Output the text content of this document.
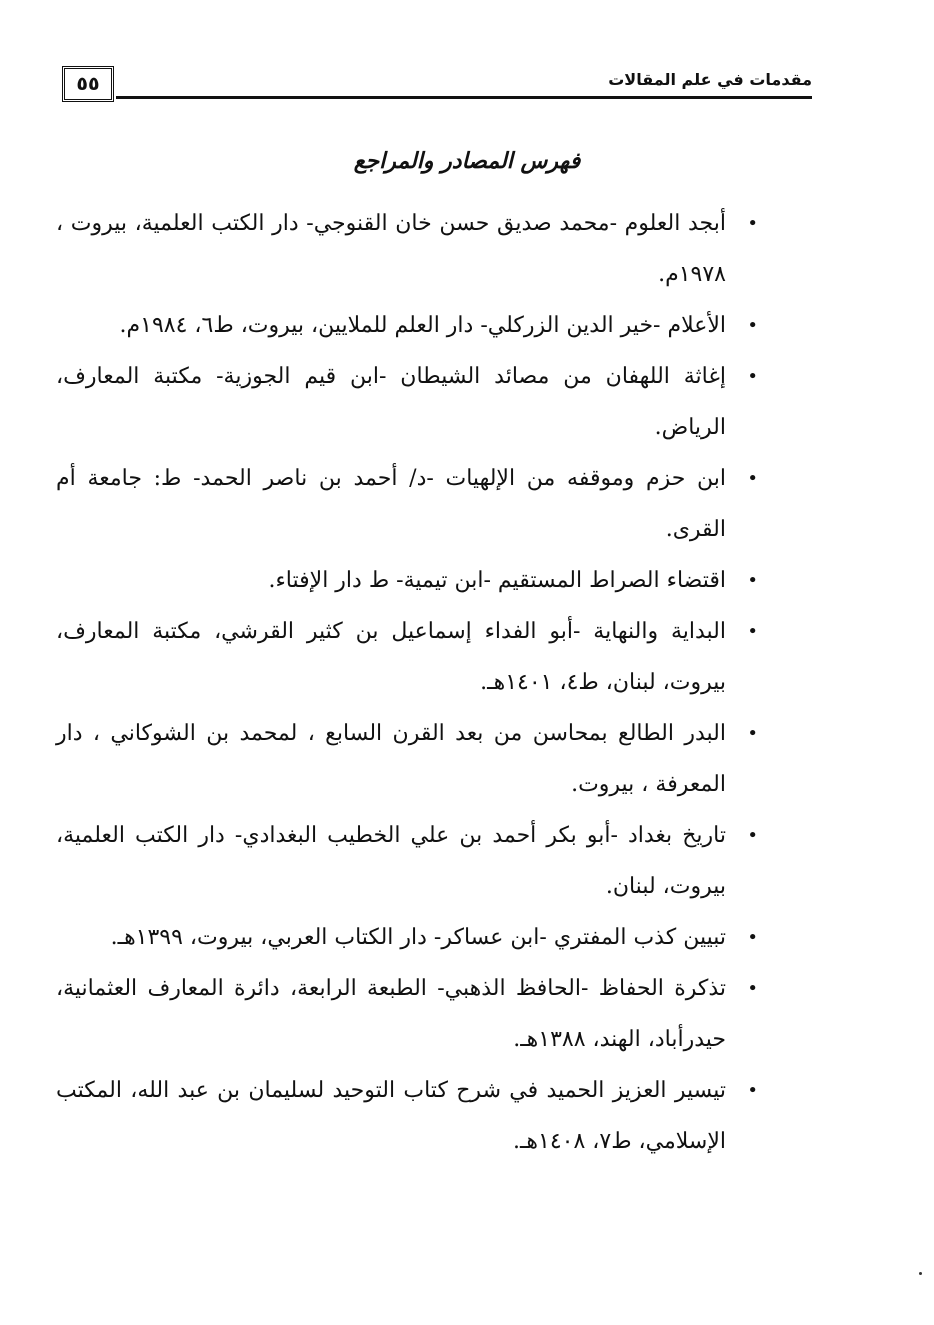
٥٥	مقدمات في علم المقالات
فهرس المصادر والمراجع
•
أبجد العلوم -محمد صديق حسن خان القنوجي- دار الكتب العلمية، بيروت ، ١٩٧٨م.
•
الأعلام -خير الدين الزركلي- دار العلم للملايين، بيروت، ط٦، ١٩٨٤م.
•
إغاثة اللهفان من مصائد الشيطان -ابن قيم الجوزية- مكتبة المعارف، الرياض.
•
ابن حزم وموقفه من الإلهيات -د/ أحمد بن ناصر الحمد- ط: جامعة أم القرى.
•
اقتضاء الصراط المستقيم -ابن تيمية- ط دار الإفتاء.
•
البداية والنهاية -أبو الفداء إسماعيل بن كثير القرشي، مكتبة المعارف، بيروت، لبنان، ط٤، ١٤٠١هـ.
•
البدر الطالع بمحاسن من بعد القرن السابع ، لمحمد بن الشوكاني ، دار المعرفة ، بيروت.
•
تاريخ بغداد -أبو بكر أحمد بن علي الخطيب البغدادي- دار الكتب العلمية، بيروت، لبنان.
•
تبيين كذب المفتري -ابن عساكر- دار الكتاب العربي، بيروت، ١٣٩٩هـ.
•
تذكرة الحفاظ -الحافظ الذهبي- الطبعة الرابعة، دائرة المعارف العثمانية، حيدرأباد، الهند، ١٣٨٨هـ.
•
تيسير العزيز الحميد في شرح كتاب التوحيد لسليمان بن عبد الله، المكتب الإسلامي، ط٧، ١٤٠٨هـ.
